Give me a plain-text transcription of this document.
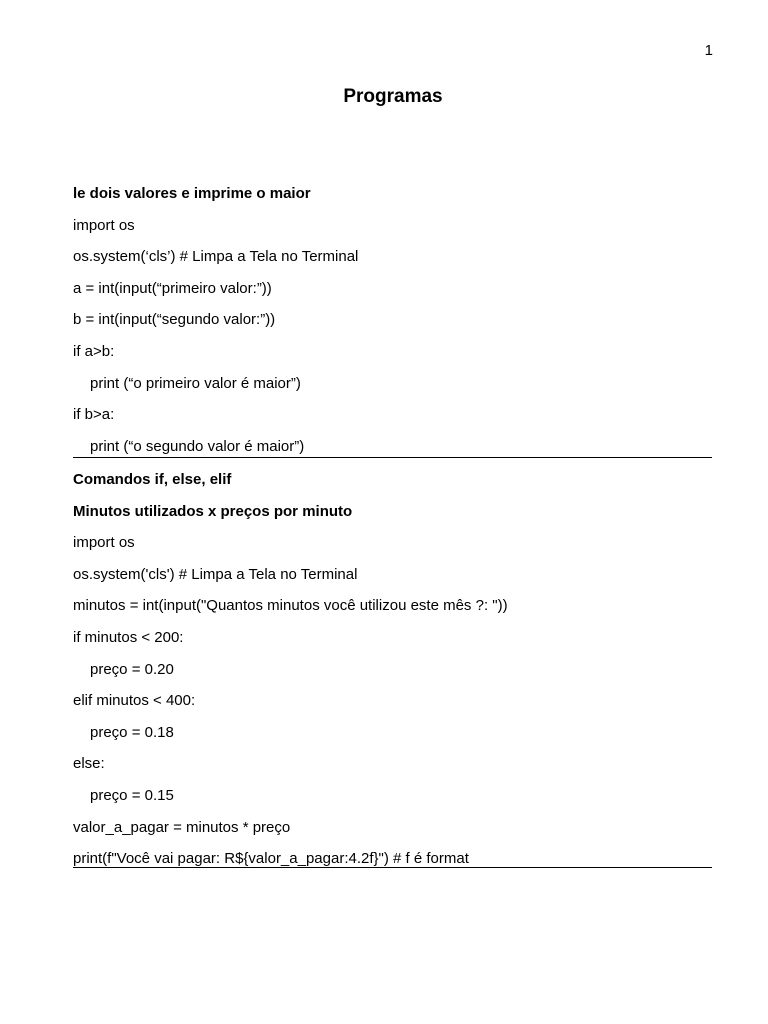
1
Programas
le dois valores e imprime o maior
import os
os.system(‘cls’) # Limpa a Tela no Terminal
a = int(input(“primeiro valor:”))
b = int(input(“segundo valor:”))
if a>b:
print (“o primeiro valor é maior”)
if b>a:
print (“o segundo valor é maior”)
Comandos if, else, elif
Minutos utilizados x preços por minuto
import os
os.system('cls') # Limpa a Tela no Terminal
minutos = int(input("Quantos minutos você utilizou este mês ?: "))
if minutos < 200:
preço = 0.20
elif minutos < 400:
preço = 0.18
else:
preço = 0.15
valor_a_pagar = minutos * preço
print(f"Você vai pagar: R${valor_a_pagar:4.2f}") # f é format
